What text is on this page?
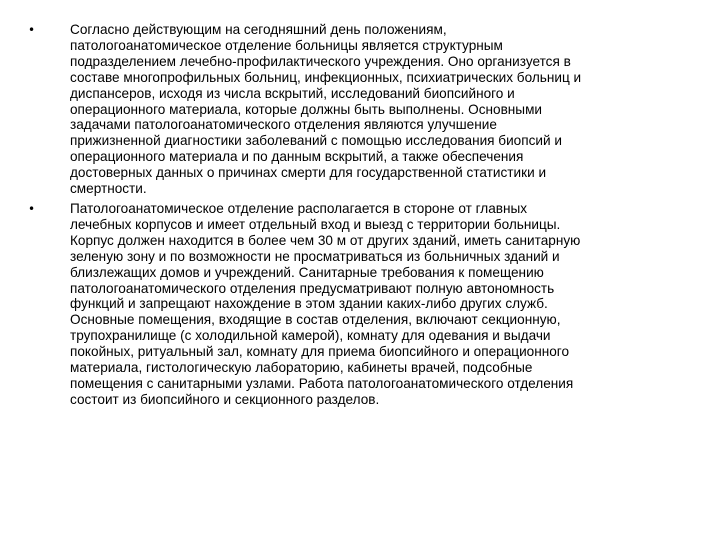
•	Согласно действующим на сегодняшний день положениям,
патологоанатомическое отделение больницы является структурным
подразделением лечебно-профилактического учреждения. Оно организуется в
составе многопрофильных больниц, инфекционных, психиатрических больниц и
диспансеров, исходя из числа вскрытий, исследований биопсийного и
операционного материала, которые должны быть выполнены. Основными
задачами патологоанатомического отделения являются улучшение
прижизненной диагностики заболеваний с помощью исследования биопсий и
операционного материала и по данным вскрытий, а также обеспечения
достоверных данных о причинах смерти для государственной статистики и
смертности.
•	Патологоанатомическое отделение располагается в стороне от главных
лечебных корпусов и имеет отдельный вход и выезд с территории больницы.
Корпус должен находится в более чем 30 м от других зданий, иметь санитарную
зеленую зону и по возможности не просматриваться из больничных зданий и
близлежащих домов и учреждений. Санитарные требования к помещению
патологоанатомического отделения предусматривают полную автономность
функций и запрещают нахождение в этом здании каких-либо других служб.
Основные помещения, входящие в состав отделения, включают секционную,
трупохранилище (с холодильной камерой), комнату для одевания и выдачи
покойных, ритуальный зал, комнату для приема биопсийного и операционного
материала, гистологическую лабораторию, кабинеты врачей, подсобные
помещения с санитарными узлами. Работа патологоанатомического отделения
состоит из биопсийного и секционного разделов.
